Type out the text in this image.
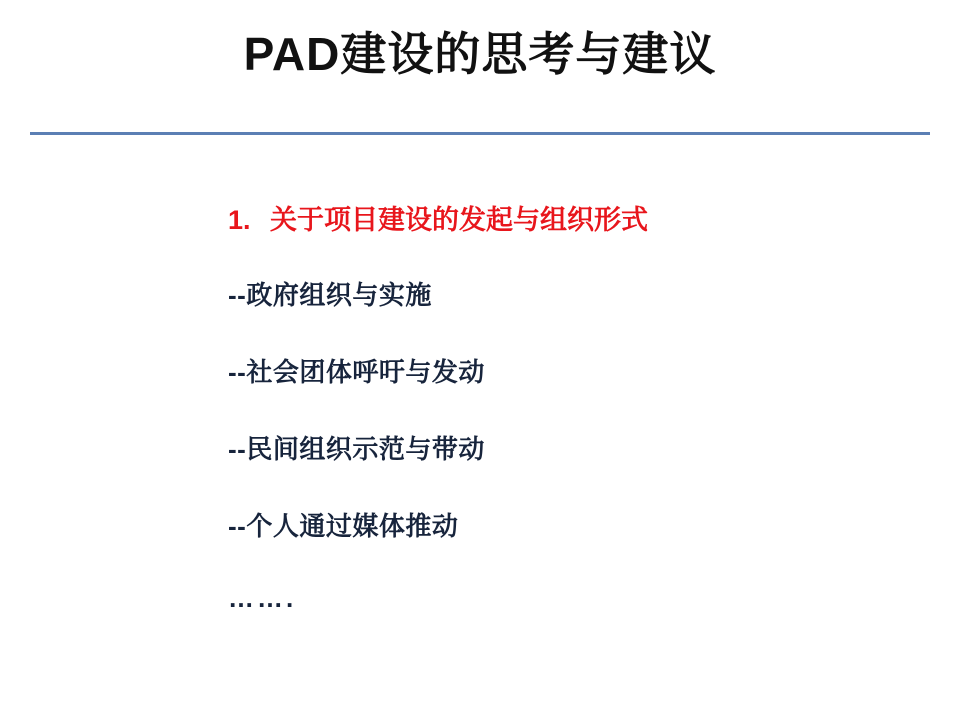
PAD建设的思考与建议
1. 关于项目建设的发起与组织形式
--政府组织与实施
--社会团体呼吁与发动
--民间组织示范与带动
--个人通过媒体推动
…….
